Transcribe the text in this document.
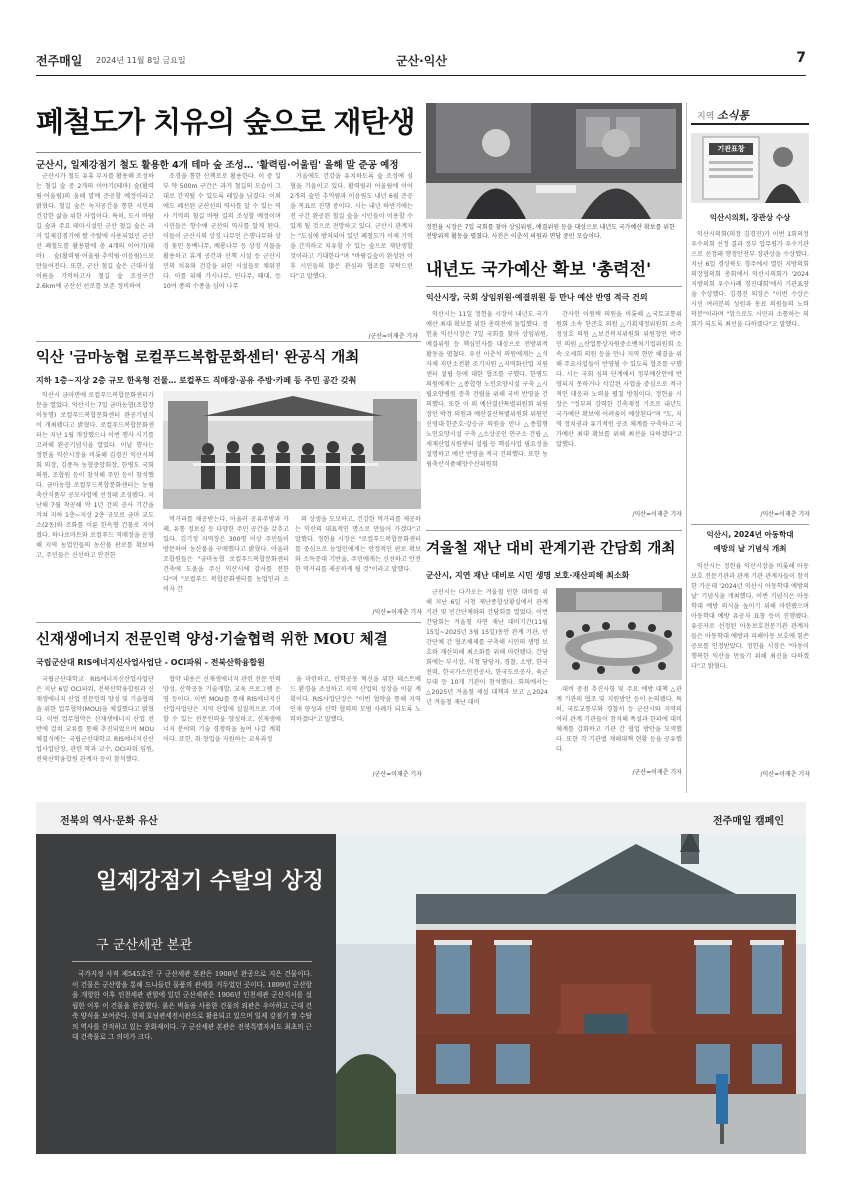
전주매일 2024년 11월 8일 금요일	군산·익산	7
폐철도가 치유의 숲으로 재탄생
군산시, 일제강점기 철도 활용한 4개 테마 숲 조성… '활력림·어울림' 올해 말 준공 예정

군산시가 철도 유휴 부지를 활용해 조성하는 철길 숲 중 2개의 이야기(테마) 숲(활력림·어울림)의 올해 말께 준공할 예정이라고 밝혔다. 철길 숲은 녹지공간을 통한 시민의 건강한 삶을 위한 사업이다. 특히, 도시 바람길 숲과 주요 테마시설인 군산 철길 숲은 과거 일제강점기에 쌀 수탈에 사용되었던 군산선 폐철도를 활용함에 총 4개의 이야기(테마) 숲(활력림·어울림·추억림·이음림)으로 만들어진다. 또한, 군산 철길 숲은 근대시설 이름을 기억하고자 철길 숲 조성구간 2.6km에 군산선 선로를 보존 정비하여

조경을 통한 산책로로 활용한다. 이 중 일부 약 500m 구간은 과거 철길의 모습이 그대로 간직될 수 있도록 레일을 남겼다. 이외에도 폐선된 군산선의 역사를 알 수 있는 역사 기억의 철길 바탕 길의 조성할 예정이며 시민들은 향수에 군산의 역사를 알게 된다. 이들이 군산시의 상징 나무인 은행나무와 상징 꽃인 동백나무, 배롱나무 등 상징 식물을 활용하고 휴게 공간과 산책 시설 등 군산시민의 치유와 건강을 위한 시설들로 채워진다. 이를 위해 가시나무, 민나무, 때대, 등 10여 종의 수종을 심어 나무

거울에도 건강을 유지하도록 숲 조성에 심혈을 기울이고 있다. 활력림과 어울림에 이어 2개의 숲인 추억림과 이음림도 내년 6월 준공을 목표로 진행 중이다. 시는 내년 하반기에는 전 구간 완공된 철길 숲을 시민들이 이용할 수 있게 될 것으로 전망하고 있다. 군산시 관계자는 "도심에 방치되어 있던 폐철도가 이제 기억을 간직하고 치유할 수 있는 숲으로 재탄생할 것이라고 기대한다"며 "바람길숲이 완성된 이후 시민들의 많은 관심과 협조를 부탁드린다"고 말했다.

/군산=이재춘 기자
정헌율 시장은 7일 국회를 찾아 상임위원, 예결위원 등을 대상으로 내년도 국가예산 확보를 위한 전방위적 활동을 펼쳤다. 사진은 이춘석 의원과 면담 중인 모습이다.
내년도 국가예산 확보 '총력전'
익산시장, 국회 상임위원·예결위원 등 만나 예산 반영 적극 건의

익산시는 11일 정헌율 시장이 내년도 국가예산 최대 확보를 위한 총력전에 돌입했다. 정헌율 익산시장은 7일 국회를 찾아 상임위원, 예결위원 등 핵심인사를 대상으로 전방위적 활동을 펼쳤다. 우선 이춘석 의원에게는 △식자체 저탄소전환 조기지원 △지역화산업 지원센터 설립 등에 대한 협조를 구했다. 한병도 의원에게는 △종합형 노인요양시설 구축 △시립요양병원 증축 건립을 위해 국비 반영을 건의했다. 또한 이 외 예산결산특별위원회 위원장인 박정 의원과 예산결산특별위원회 위원인 신영대·한준호·강승규 의원을 만나 △종합형 노인요양시설 구축 △소상공인 연구소 건립 △새재산업지원센터 설립 등 핵심사업 필요성을 설명하고 예산 반영을 적극 건의했다. 또한 농림축산식품해양수산위원회

간사인 이원택 의원을 비롯해 △국토교통위원회 소속 한준호 의원 △기획재정위원회 소속 정성호 의원 △보건복지위원회 위원장인 박주민 의원 △산업통상자원중소벤처기업위원회 소속 오세희 의원 등을 만나 지역 현안 해결을 위해 주요사업들이 반영될 수 있도록 협조를 구했다. 시는 국회 심의 단계에서 정부예산안에 반영되지 못하거나 삭감된 사업을 중심으로 적극적인 대응과 노력을 펼칠 방침이다. 정헌율 시장은 "정부의 강력한 긴축재정 기조로 내년도 국가예산 확보에 어려움이 예상된다"며 "도, 지역 정치권과 유기적인 공조 체계를 구축하고 국가예산 최대 확보를 위해 최선을 다하겠다"고 말했다.

/익산=이재춘 기자
익산 '금마농협 로컬푸드복합문화센터' 완공식 개최
지하 1층~지상 2층 규모 한옥형 건물… 로컬푸드 직매장·공유 주방·카페 등 주민 공간 갖춰

익산시 금마면에 로컬푸드복합문화센터가 문을 열었다. 익산시는 7일 금마농협(조합장 이동명) 로컬푸드복합문화센터 완공기념식이 개최됐다고 밝혔다. 로컬푸드복합문화센터는 지난 1월 개장했으나 이번 행사 시기를 고려해 완공기념식을 열었다. 이날 행사는 정헌율 익산시장을 비롯해 김경진 익산시의회 의장, 김종득 농협중앙회장, 한병도 국회의원, 조합원 등이 참석해 주민 등이 참석했다. 금마농협 로컬푸드복합문화센터는 농림축산식품부 공모사업에 선정돼 조성됐다. 지난해 7월 착공해 약 1년 간의 공사 기간을 거쳐 지하 1층~지상 2층 규모로 금마 교도소(2동)와 조화를 이룬 한옥형 건물로 지어졌다. 하나로마트와 로컬푸드 직매장을 운영해 지역 농업인들의 농산물 판로를 확보하고, 주민들은 신선하고 안전한

먹거리를 제공받는다. 아울러 공유주방과 카페, 유통 정보실 등 다양한 주민 공간을 갖추고 있다. 김기정 지역장은 300명 이상 주민들이 방문하여 농산물을 구매했다고 밝혔다. 아울러 조합원들은 "금마농협 로컬푸드복합문화센터 건축에 도움을 주신 익산시에 감사를 전한다"며 "로컬푸드 복합문화센터를 농업인과 소비자 간

의 상생을 도모하고, 건강한 먹거리를 제공하는 익산의 대표적인 명소로 만들어 가겠다"고 말했다. 정헌율 시장은 "로컬푸드복합문화센터를 중심으로 농업인에게는 안정적인 판로 확보와 소득증대 기반을, 주민에게는 신선하고 안전한 먹거리를 제공하게 될 것"이라고 말했다.

/익산=이재춘 기자
겨울철 재난 대비 관계기관 간담회 개최
군산시, 지연 재난 대비로 시민 생명 보호·재산피해 최소화

군산시는 다가오는 겨울철 인한 대비를 위해 지난 6일 시청 재난종합상황실에서 관계 기관 및 민간단체와의 간담회를 열었다. 이번 간담회는 겨울철 자연 재난 대비기간(11월 15일~2025년 3월 15일)동안 관계 기관, 민간단체 간 협조체제를 구축해 시민의 생명 보호와 재산피해 최소화를 위해 마련됐다. 간담회에는 부시장, 시청 담당자, 경찰, 소방, 한국전력, 한국가스안전공사, 한국도로공사, 육군부대 등 10개 기관이 참석했다. 회의에서는 △2025년 겨울철 제설 대책과 보고 △2024년 겨울철 재난 대비

대비 중점 추진사항 및 주요 예방 대책 △관계 기관의 협조 및 지원방안 등이 논의됐다. 특히, 국토교통부와 경찰서 등 군산시와 지역의 여러 관계 기관들이 참석해 폭설과 한파에 대비 체계를 강화하고 기관 간 협업 방안을 모색했다. 또한 각 기관별 재해대책 현황 등을 공유했다.

/군산=이재춘 기자
신재생에너지 전문인력 양성·기술협력 위한 MOU 체결
국립군산대 RIS에너지신사업사업단 - OCI파워 - 전북산학융합원

국립군산대학교 RIS에너지신산업사업단은 지난 6일 OCI파워, 전북산학융합원과 신재생에너지 산업 전문인력 양성 및 기술협력을 위한 업무협약(MOU)을 체결했다고 밝혔다. 이번 업무협약은 신재생에너지 산업 전반에 걸쳐 교류를 통해 추진되었으며 MOU 체결식에는 국립군산대학교 RIS에너지신산업사업단장, 관련 학과 교수, OCI파워 임원, 전북산학융합원 관계자 등이 참석했다.

협약 내용은 신재생에너지 관련 전문 인력 양성, 산학공동 기술개발, 교육 프로그램 운영 등이다. 이번 MOU를 통해 RIS에너지신산업사업단은 지역 산업에 실질적으로 기여할 수 있는 전문인력을 양성하고, 신재생에너지 분야의 기술 경쟁력을 높여 나갈 계획이다. 또한, 취·창업을 지원하는 교육과정

을 마련하고, 산학공동 혁신을 위한 테스트베드 환경을 조성하고 지역 산업의 성장을 이끌 계획이다. RIS사업단장은 "이번 협약을 통해 지역 인재 양성과 산학 협력의 모범 사례가 되도록 노력하겠다"고 말했다.

/군산=이재춘 기자
지역 소식통
기관표창
익산시의회, 장관상 수상

익산시의회(의장 김경진)가 이번 1회의정 우수의회 선정 결과 정부 업무평가 우수기관으로 선정돼 행정안전부 장관상을 수상했다. 지난 6일 경상북도 경주에서 열린 지방의회 의장협의회 총회에서 익산시의회가 '2024 지방의회 우수사례 경진대회'에서 기관표창을 수상했다. 김경진 의장은 "이번 수상은 시민 여러분의 성원과 동료 의원들의 노력 덕분"이라며 "앞으로도 시민과 소통하는 의회가 되도록 최선을 다하겠다"고 말했다.

/익산=이재춘 기자
익산시, 2024년 아동학대
예방의 날 기념식 개최

익산시는 정헌율 익산시장을 비롯해 아동보호 전문기관과 관계 기관 관계자들이 참석한 가운데 '2024년 익산시 아동학대 예방의 날' 기념식을 개최했다. 이번 기념식은 아동 학대 예방 의식을 높이기 위해 마련됐으며 아동학대 예방 유공자 표창 등이 진행됐다. 유공자로 선정된 아동보호전문기관 관계자들은 아동학대 예방과 피해아동 보호에 힘쓴 공로를 인정받았다. 정헌율 시장은 "아동이 행복한 익산을 만들기 위해 최선을 다하겠다"고 밝혔다.

/익산=이재춘 기자
전북의 역사·문화 유산	전주매일 캠페인
일제강점기 수탈의 상징
구 군산세관 본관

국가지정 사적 제545호인 구 군산세관 본관은 1908년 완공으로 지은 건물이다. 이 건물은 군산항을 통해 드나들던 물품의 관세를 거두었던 곳이다. 1899년 군산항을 개항한 이후 인천세관 관할에 있던 군산세관은 1906년 인천세관 군산지서를 설립한 이후 이 건물을 완공했다. 붉은 벽돌을 사용한 건물의 외관은 우아하고 근대 건축 양식을 보여준다. 현재 호남관세전시관으로 활용되고 있으며 일제 강점기 쌀 수탈의 역사를 간직하고 있는 문화재이다. 구 군산세관 본관은 전북특별자치도 최초의 근대 건축물로 그 의미가 크다.
